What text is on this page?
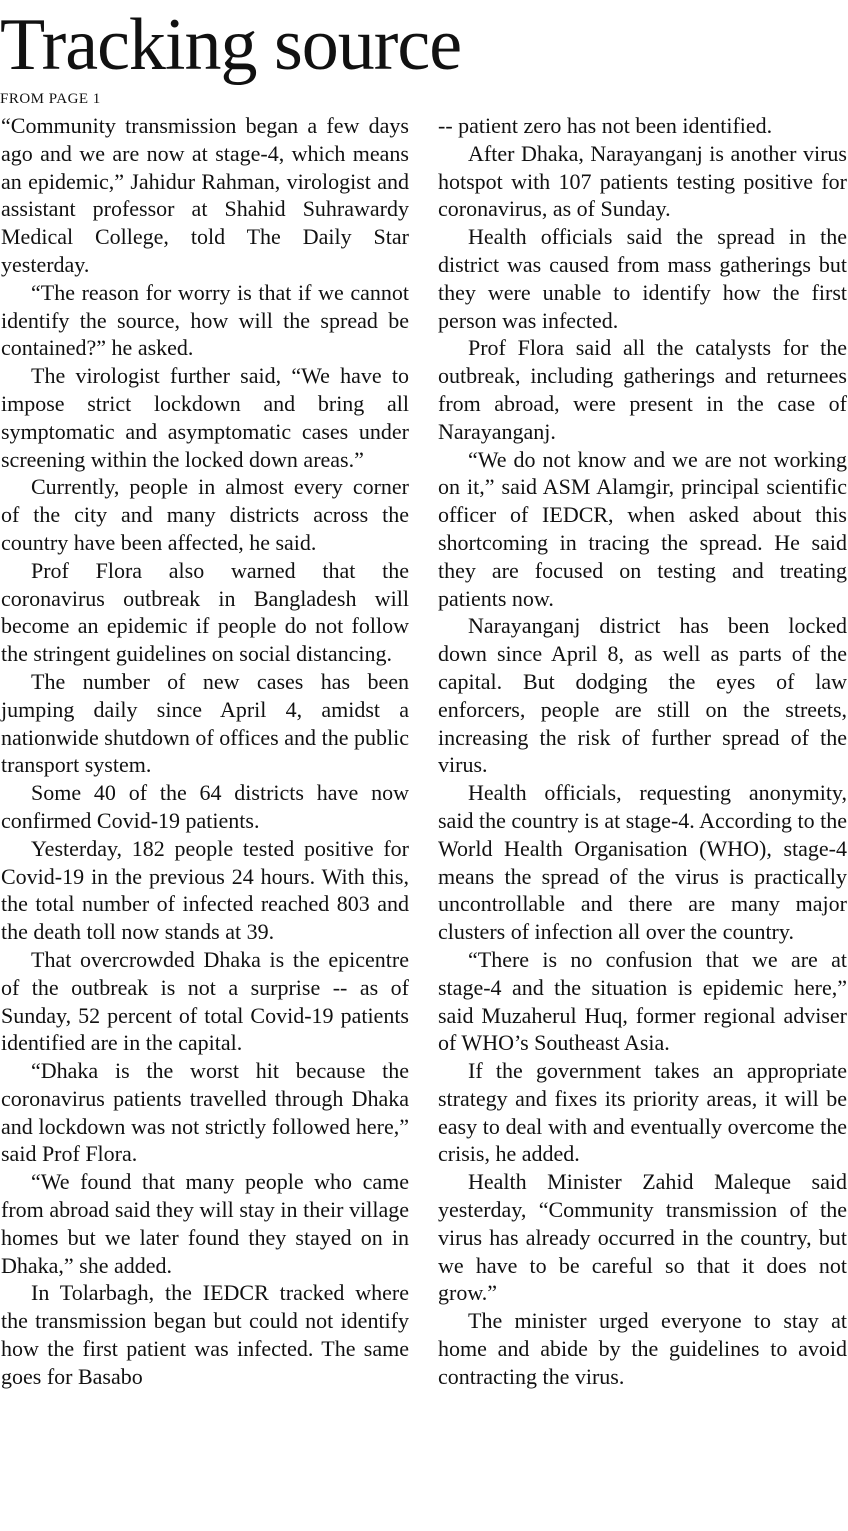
Tracking source
FROM PAGE 1

“Community transmission began a few days ago and we are now at stage-4, which means an epidemic,” Jahidur Rahman, virologist and assistant professor at Shahid Suhrawardy Medical College, told The Daily Star yesterday.

“The reason for worry is that if we cannot identify the source, how will the spread be contained?” he asked.

The virologist further said, “We have to impose strict lockdown and bring all symptomatic and asymptomatic cases under screening within the locked down areas.”

Currently, people in almost every corner of the city and many districts across the country have been affected, he said.

Prof Flora also warned that the coronavirus outbreak in Bangladesh will become an epidemic if people do not follow the stringent guidelines on social distancing.

The number of new cases has been jumping daily since April 4, amidst a nationwide shutdown of offices and the public transport system.

Some 40 of the 64 districts have now confirmed Covid-19 patients.

Yesterday, 182 people tested positive for Covid-19 in the previous 24 hours. With this, the total number of infected reached 803 and the death toll now stands at 39.

That overcrowded Dhaka is the epicentre of the outbreak is not a surprise -- as of Sunday, 52 percent of total Covid-19 patients identified are in the capital.

“Dhaka is the worst hit because the coronavirus patients travelled through Dhaka and lockdown was not strictly followed here,” said Prof Flora.

“We found that many people who came from abroad said they will stay in their village homes but we later found they stayed on in Dhaka,” she added.

In Tolarbagh, the IEDCR tracked where the transmission began but could not identify how the first patient was infected. The same goes for Basabo

-- patient zero has not been identified.

After Dhaka, Narayanganj is another virus hotspot with 107 patients testing positive for coronavirus, as of Sunday.

Health officials said the spread in the district was caused from mass gatherings but they were unable to identify how the first person was infected.

Prof Flora said all the catalysts for the outbreak, including gatherings and returnees from abroad, were present in the case of Narayanganj.

“We do not know and we are not working on it,” said ASM Alamgir, principal scientific officer of IEDCR, when asked about this shortcoming in tracing the spread. He said they are focused on testing and treating patients now.

Narayanganj district has been locked down since April 8, as well as parts of the capital. But dodging the eyes of law enforcers, people are still on the streets, increasing the risk of further spread of the virus.

Health officials, requesting anonymity, said the country is at stage-4. According to the World Health Organisation (WHO), stage-4 means the spread of the virus is practically uncontrollable and there are many major clusters of infection all over the country.

“There is no confusion that we are at stage-4 and the situation is epidemic here,” said Muzaherul Huq, former regional adviser of WHO’s Southeast Asia.

If the government takes an appropriate strategy and fixes its priority areas, it will be easy to deal with and eventually overcome the crisis, he added.

Health Minister Zahid Maleque said yesterday, “Community transmission of the virus has already occurred in the country, but we have to be careful so that it does not grow.”

The minister urged everyone to stay at home and abide by the guidelines to avoid contracting the virus.
